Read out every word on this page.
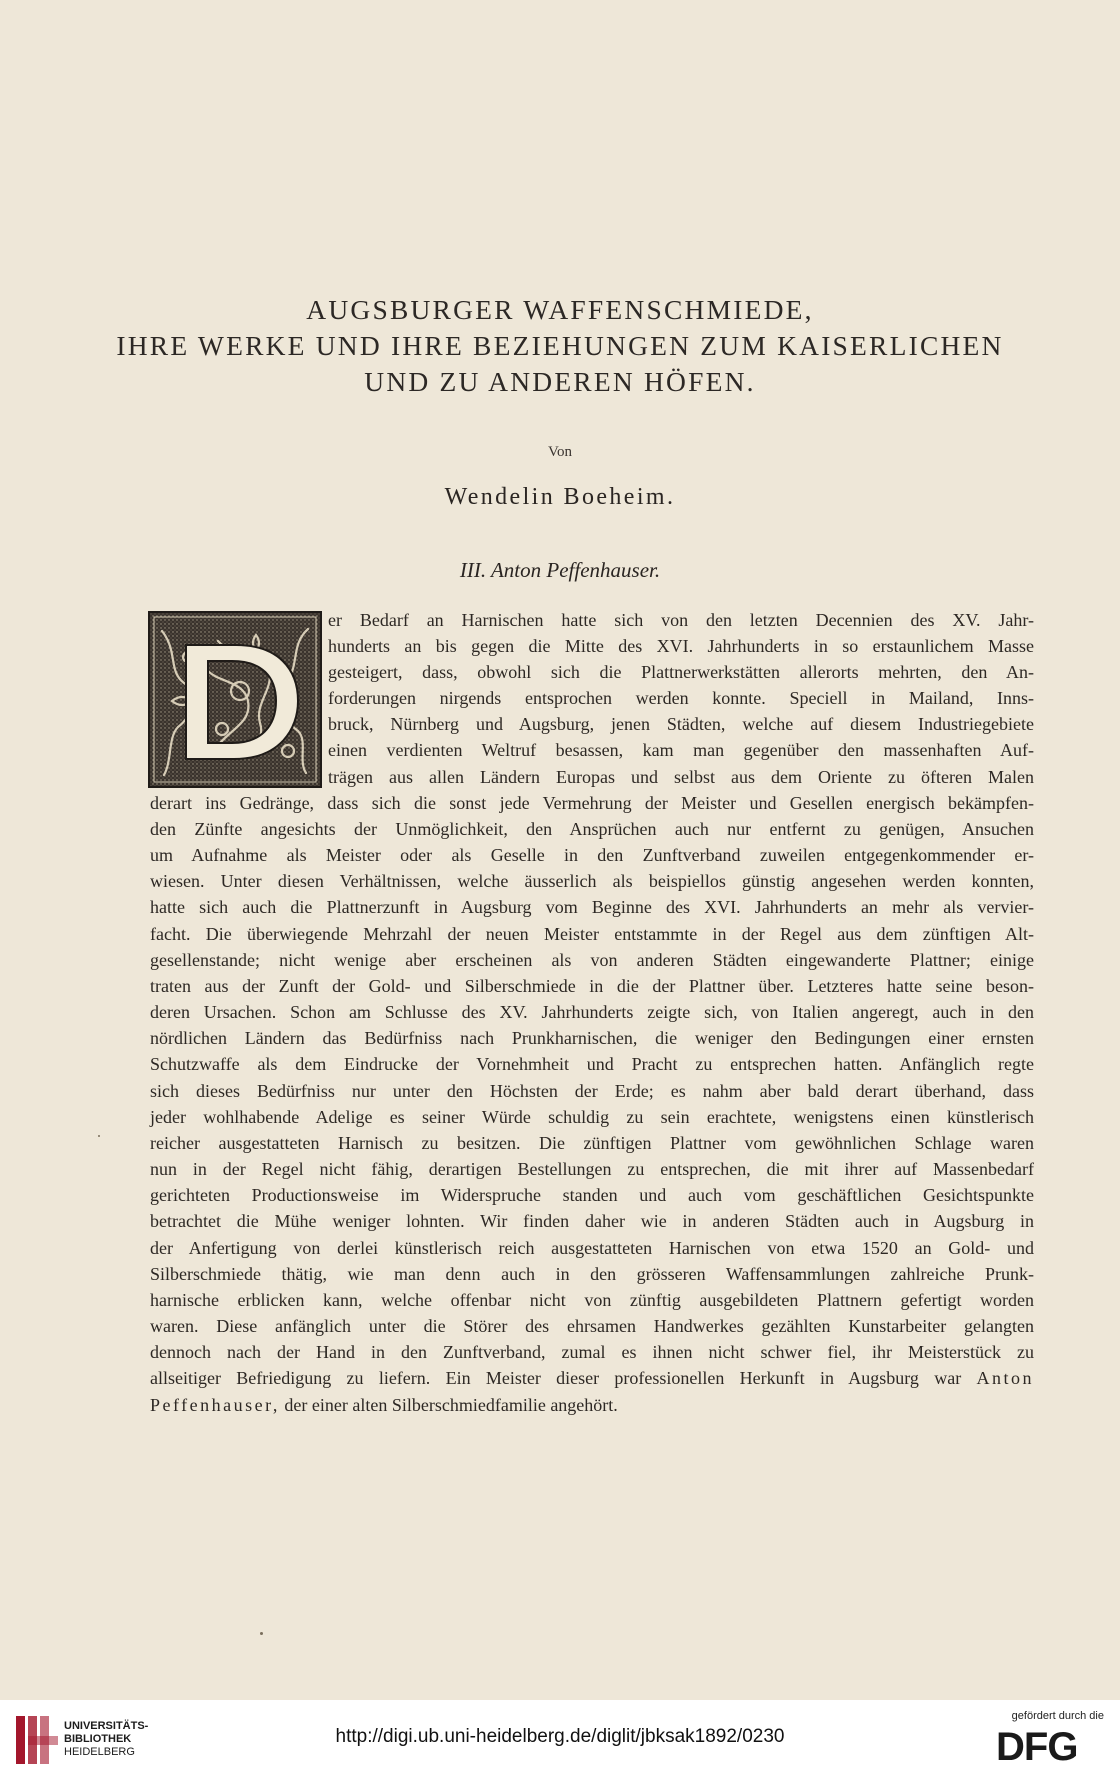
AUGSBURGER WAFFENSCHMIEDE,
IHRE WERKE UND IHRE BEZIEHUNGEN ZUM KAISERLICHEN
UND ZU ANDEREN HÖFEN.
Von
Wendelin Boeheim.
III. Anton Peffenhauser.

er Bedarf an Harnischen hatte sich von den letzten Decennien des XV. Jahr-

hunderts an bis gegen die Mitte des XVI. Jahrhunderts in so erstaunlichem Masse

gesteigert, dass, obwohl sich die Plattnerwerkstätten allerorts mehrten, den An-

forderungen nirgends entsprochen werden konnte. Speciell in Mailand, Inns-

bruck, Nürnberg und Augsburg, jenen Städten, welche auf diesem Industriegebiete

einen verdienten Weltruf besassen, kam man gegenüber den massenhaften Auf-

trägen aus allen Ländern Europas und selbst aus dem Oriente zu öfteren Malen

derart ins Gedränge, dass sich die sonst jede Vermehrung der Meister und Gesellen energisch bekämpfen-

den Zünfte angesichts der Unmöglichkeit, den Ansprüchen auch nur entfernt zu genügen, Ansuchen

um Aufnahme als Meister oder als Geselle in den Zunftverband zuweilen entgegenkommender er-

wiesen. Unter diesen Verhältnissen, welche äusserlich als beispiellos günstig angesehen werden konnten,

hatte sich auch die Plattnerzunft in Augsburg vom Beginne des XVI. Jahrhunderts an mehr als vervier-

facht. Die überwiegende Mehrzahl der neuen Meister entstammte in der Regel aus dem zünftigen Alt-

gesellenstande; nicht wenige aber erscheinen als von anderen Städten eingewanderte Plattner; einige

traten aus der Zunft der Gold- und Silberschmiede in die der Plattner über. Letzteres hatte seine beson-

deren Ursachen. Schon am Schlusse des XV. Jahrhunderts zeigte sich, von Italien angeregt, auch in den

nördlichen Ländern das Bedürfniss nach Prunkharnischen, die weniger den Bedingungen einer ernsten

Schutzwaffe als dem Eindrucke der Vornehmheit und Pracht zu entsprechen hatten. Anfänglich regte

sich dieses Bedürfniss nur unter den Höchsten der Erde; es nahm aber bald derart überhand, dass

jeder wohlhabende Adelige es seiner Würde schuldig zu sein erachtete, wenigstens einen künstlerisch

reicher ausgestatteten Harnisch zu besitzen. Die zünftigen Plattner vom gewöhnlichen Schlage waren

nun in der Regel nicht fähig, derartigen Bestellungen zu entsprechen, die mit ihrer auf Massenbedarf

gerichteten Productionsweise im Widerspruche standen und auch vom geschäftlichen Gesichtspunkte

betrachtet die Mühe weniger lohnten. Wir finden daher wie in anderen Städten auch in Augsburg in

der Anfertigung von derlei künstlerisch reich ausgestatteten Harnischen von etwa 1520 an Gold- und

Silberschmiede thätig, wie man denn auch in den grösseren Waffensammlungen zahlreiche Prunk-

harnische erblicken kann, welche offenbar nicht von zünftig ausgebildeten Plattnern gefertigt worden

waren. Diese anfänglich unter die Störer des ehrsamen Handwerkes gezählten Kunstarbeiter gelangten

dennoch nach der Hand in den Zunftverband, zumal es ihnen nicht schwer fiel, ihr Meisterstück zu

allseitiger Befriedigung zu liefern. Ein Meister dieser professionellen Herkunft in Augsburg war Anton

Peffenhauser, der einer alten Silberschmiedfamilie angehört.

UNIVERSITÄTS-
BIBLIOTHEK
HEIDELBERG
http://digi.ub.uni-heidelberg.de/diglit/jbksak1892/0230
gefördert durch die
DFG
